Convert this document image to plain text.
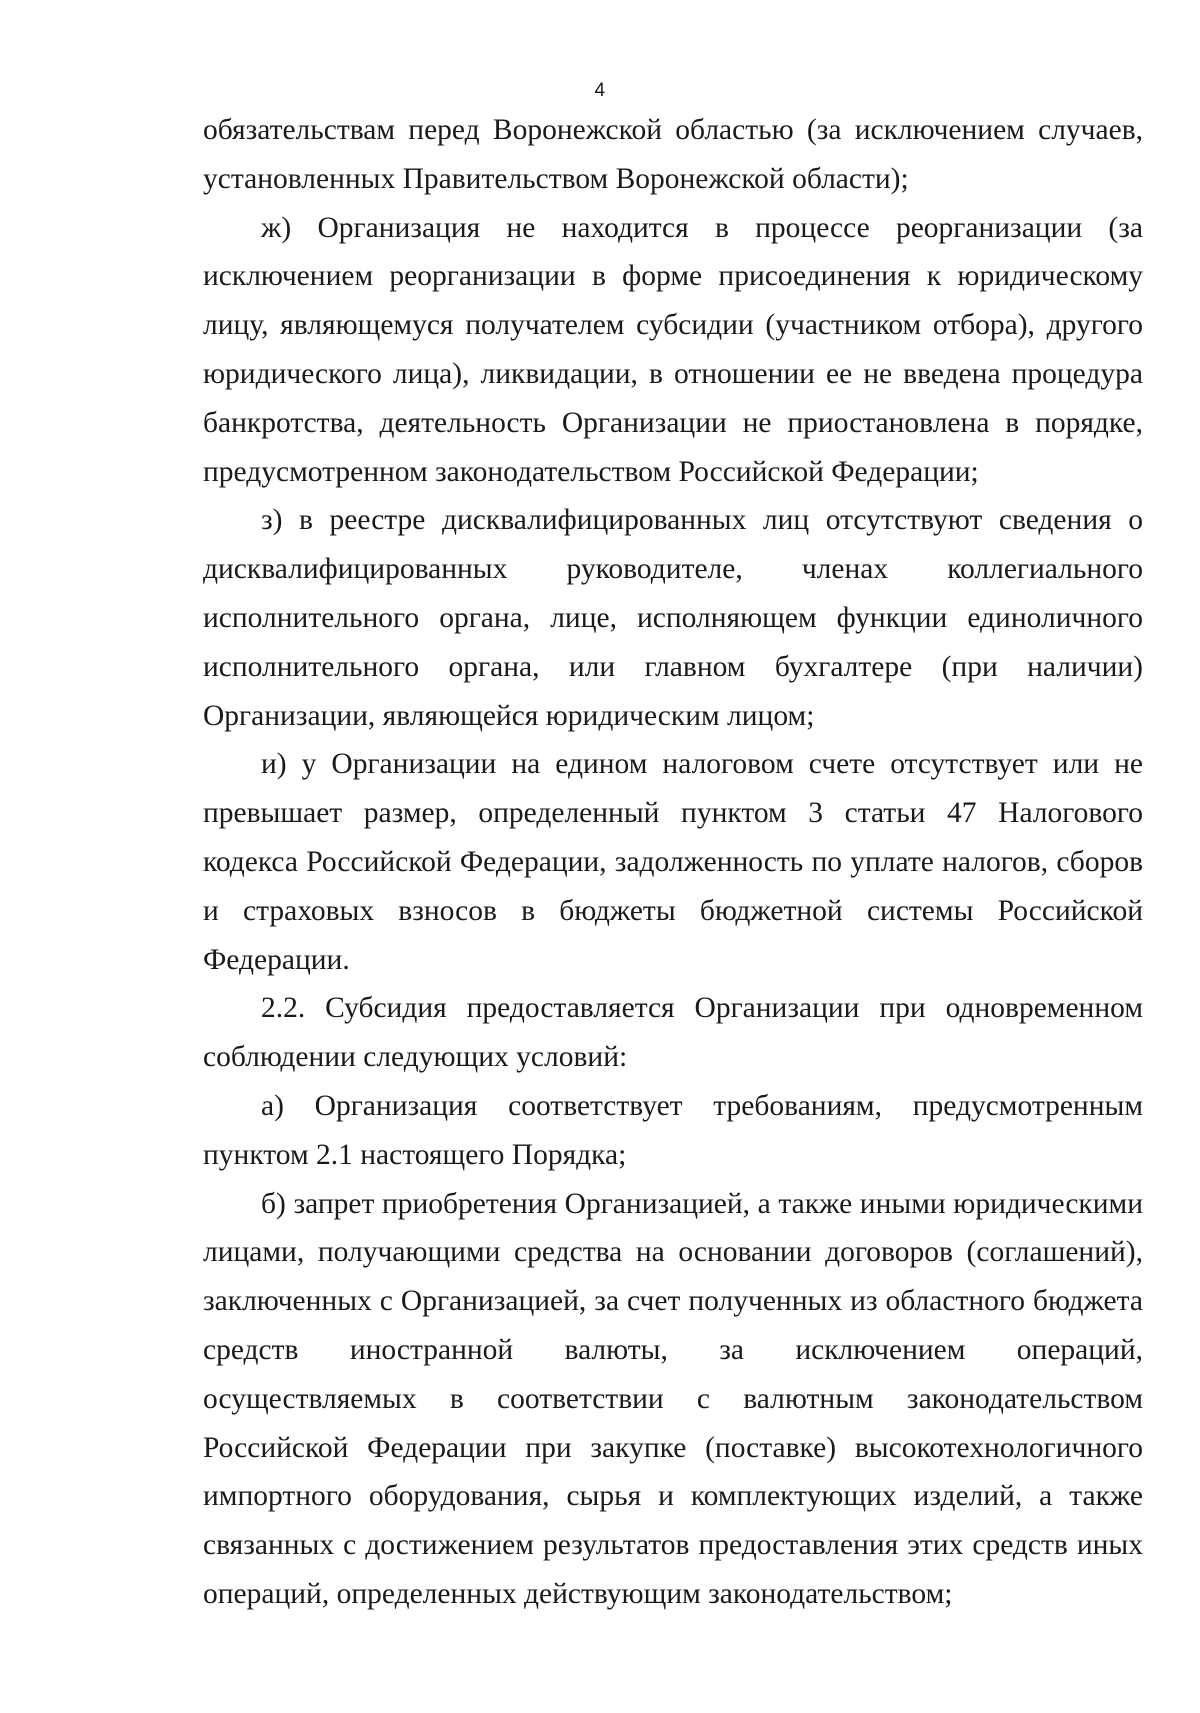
4

обязательствам перед Воронежской областью (за исключением случаев, установленных Правительством Воронежской области);

ж) Организация не находится в процессе реорганизации (за исключением реорганизации в форме присоединения к юридическому лицу, являющемуся получателем субсидии (участником отбора), другого юридического лица), ликвидации, в отношении ее не введена процедура банкротства, деятельность Организации не приостановлена в порядке, предусмотренном законодательством Российской Федерации;

з) в реестре дисквалифицированных лиц отсутствуют сведения о дисквалифицированных руководителе, членах коллегиального исполнительного органа, лице, исполняющем функции единоличного исполнительного органа, или главном бухгалтере (при наличии) Организации, являющейся юридическим лицом;

и) у Организации на едином налоговом счете отсутствует или не превышает размер, определенный пунктом 3 статьи 47 Налогового кодекса Российской Федерации, задолженность по уплате налогов, сборов и страховых взносов в бюджеты бюджетной системы Российской Федерации.

2.2. Субсидия предоставляется Организации при одновременном соблюдении следующих условий:

а) Организация соответствует требованиям, предусмотренным пунктом 2.1 настоящего Порядка;

б) запрет приобретения Организацией, а также иными юридическими лицами, получающими средства на основании договоров (соглашений), заключенных с Организацией, за счет полученных из областного бюджета средств иностранной валюты, за исключением операций, осуществляемых в соответствии с валютным законодательством Российской Федерации при закупке (поставке) высокотехнологичного импортного оборудования, сырья и комплектующих изделий, а также связанных с достижением результатов предоставления этих средств иных операций, определенных действующим законодательством;
